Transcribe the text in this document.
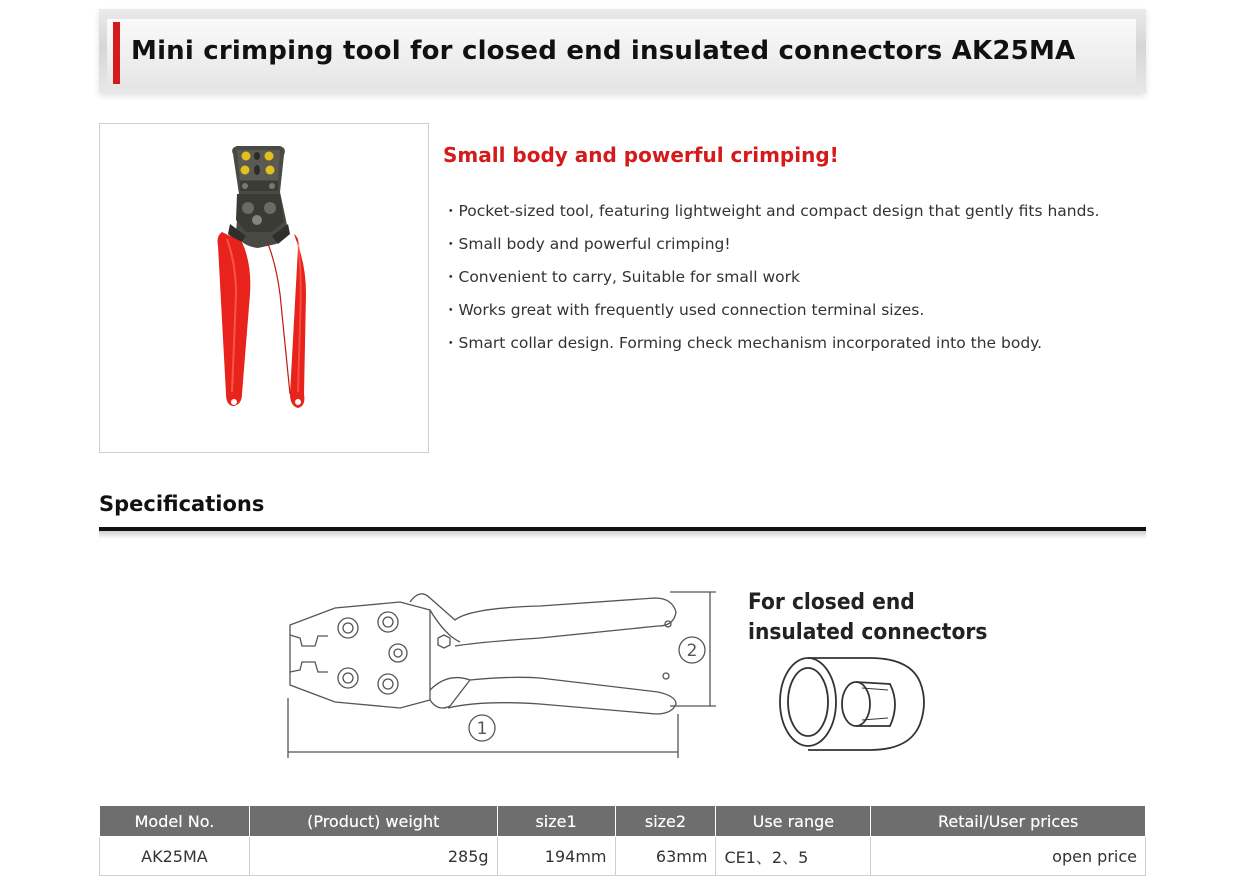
Mini crimping tool for closed end insulated connectors AK25MA
Small body and powerful crimping!
・Pocket-sized tool, featuring lightweight and compact design that gently fits hands.
・Small body and powerful crimping!
・Convenient to carry, Suitable for small work
・Works great with frequently used connection terminal sizes.
・Smart collar design. Forming check mechanism incorporated into the body.
Specifications
1
2
For closed end
insulated connectors
Model No.	(Product) weight	size1	size2	Use range	Retail/User prices
AK25MA	285g	194mm	63mm	CE1、2、5	open price
